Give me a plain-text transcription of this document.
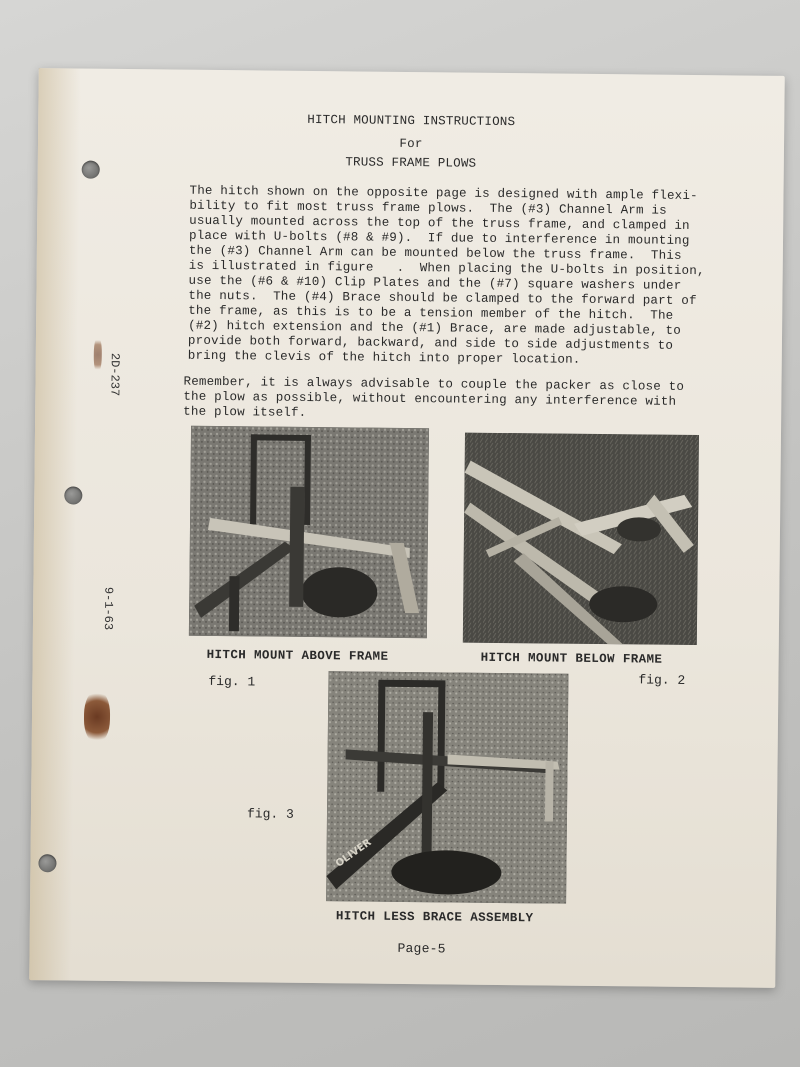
HITCH MOUNTING INSTRUCTIONS
For
TRUSS FRAME PLOWS
The hitch shown on the opposite page is designed with ample flexi-
bility to fit most truss frame plows.  The (#3) Channel Arm is
usually mounted across the top of the truss frame, and clamped in
place with U-bolts (#8 & #9).  If due to interference in mounting
the (#3) Channel Arm can be mounted below the truss frame.  This
is illustrated in figure   .  When placing the U-bolts in position,
use the (#6 & #10) Clip Plates and the (#7) square washers under
the nuts.  The (#4) Brace should be clamped to the forward part of
the frame, as this is to be a tension member of the hitch.  The
(#2) hitch extension and the (#1) Brace, are made adjustable, to
provide both forward, backward, and side to side adjustments to
bring the clevis of the hitch into proper location.
Remember, it is always advisable to couple the packer as close to
the plow as possible, without encountering any interference with
the plow itself.
2D-237
9-1-63
HITCH MOUNT ABOVE FRAME	HITCH MOUNT BELOW FRAME
fig. 1	fig. 2
OLIVER
fig. 3
HITCH LESS BRACE ASSEMBLY
Page-5
